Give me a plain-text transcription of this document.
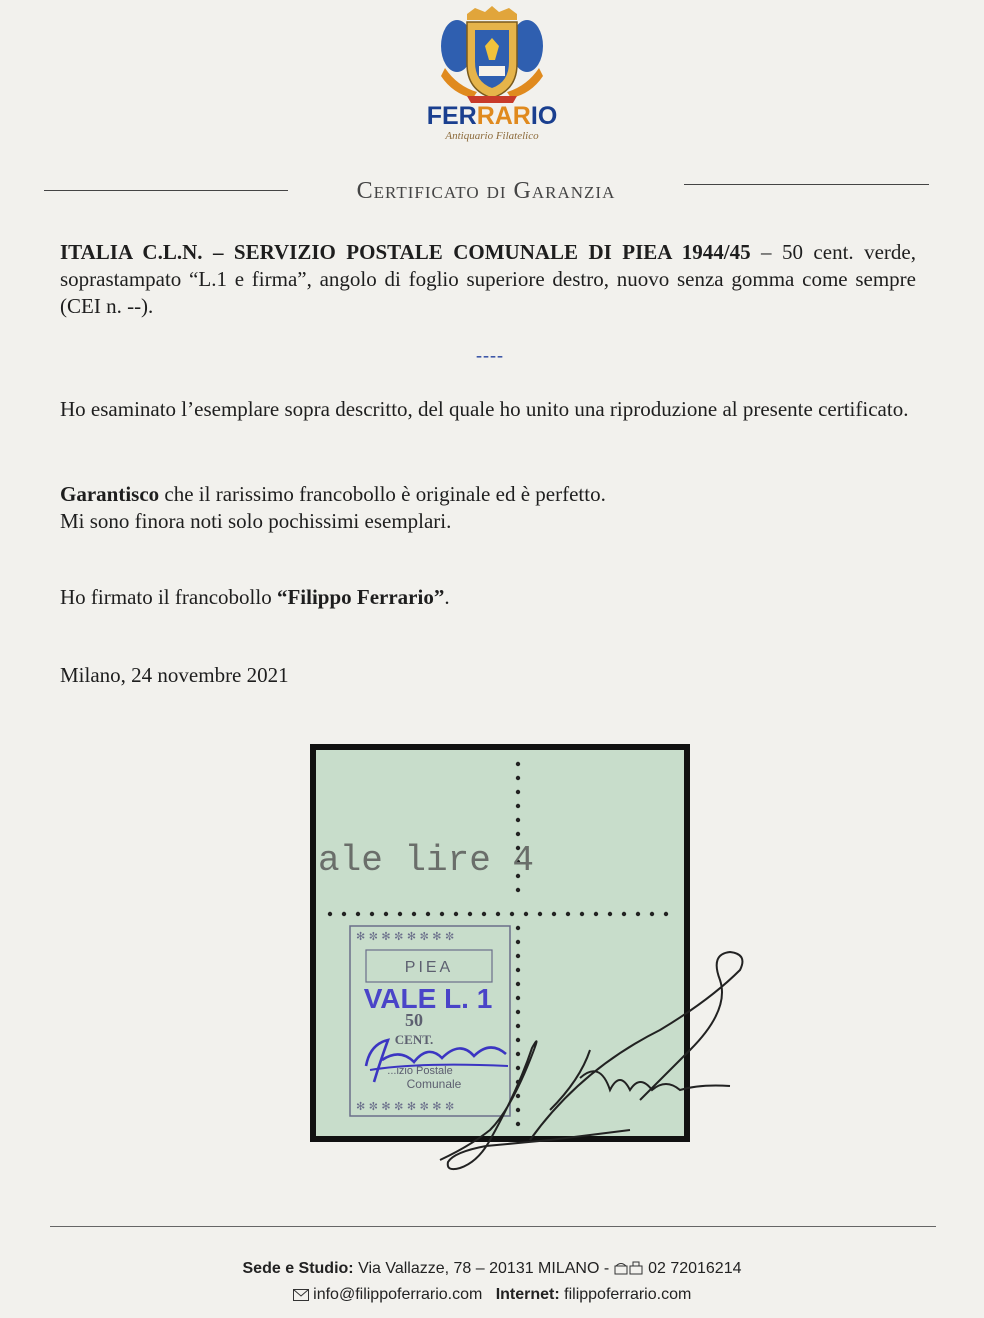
FERRARIO
Antiquario Filatelico
Certificato di Garanzia
ITALIA C.L.N. – SERVIZIO POSTALE COMUNALE DI PIEA 1944/45 – 50 cent. verde, soprastampato “L.1 e firma”, angolo di foglio superiore destro, nuovo senza gomma come sempre (CEI n. --).
----
Ho esaminato l’esemplare sopra descritto, del quale ho unito una riproduzione al presente certificato.
Garantisco che il rarissimo francobollo è originale ed è perfetto.
Mi sono finora noti solo pochissimi esemplari.
Ho firmato il francobollo “Filippo Ferrario”.
Milano, 24 novembre 2021
ale lire 4
✻ ✼ ✻ ✼ ✻ ✼ ✻ ✼
✻ ✼ ✻ ✼ ✻ ✼ ✻ ✼
PIEA
VALE L. 1
50
CENT.
...izio Postale
Comunale
Sede e Studio: Via Vallazze, 78 – 20131 MILANO -  02 72016214
info@filippoferrario.com Internet: filippoferrario.com
